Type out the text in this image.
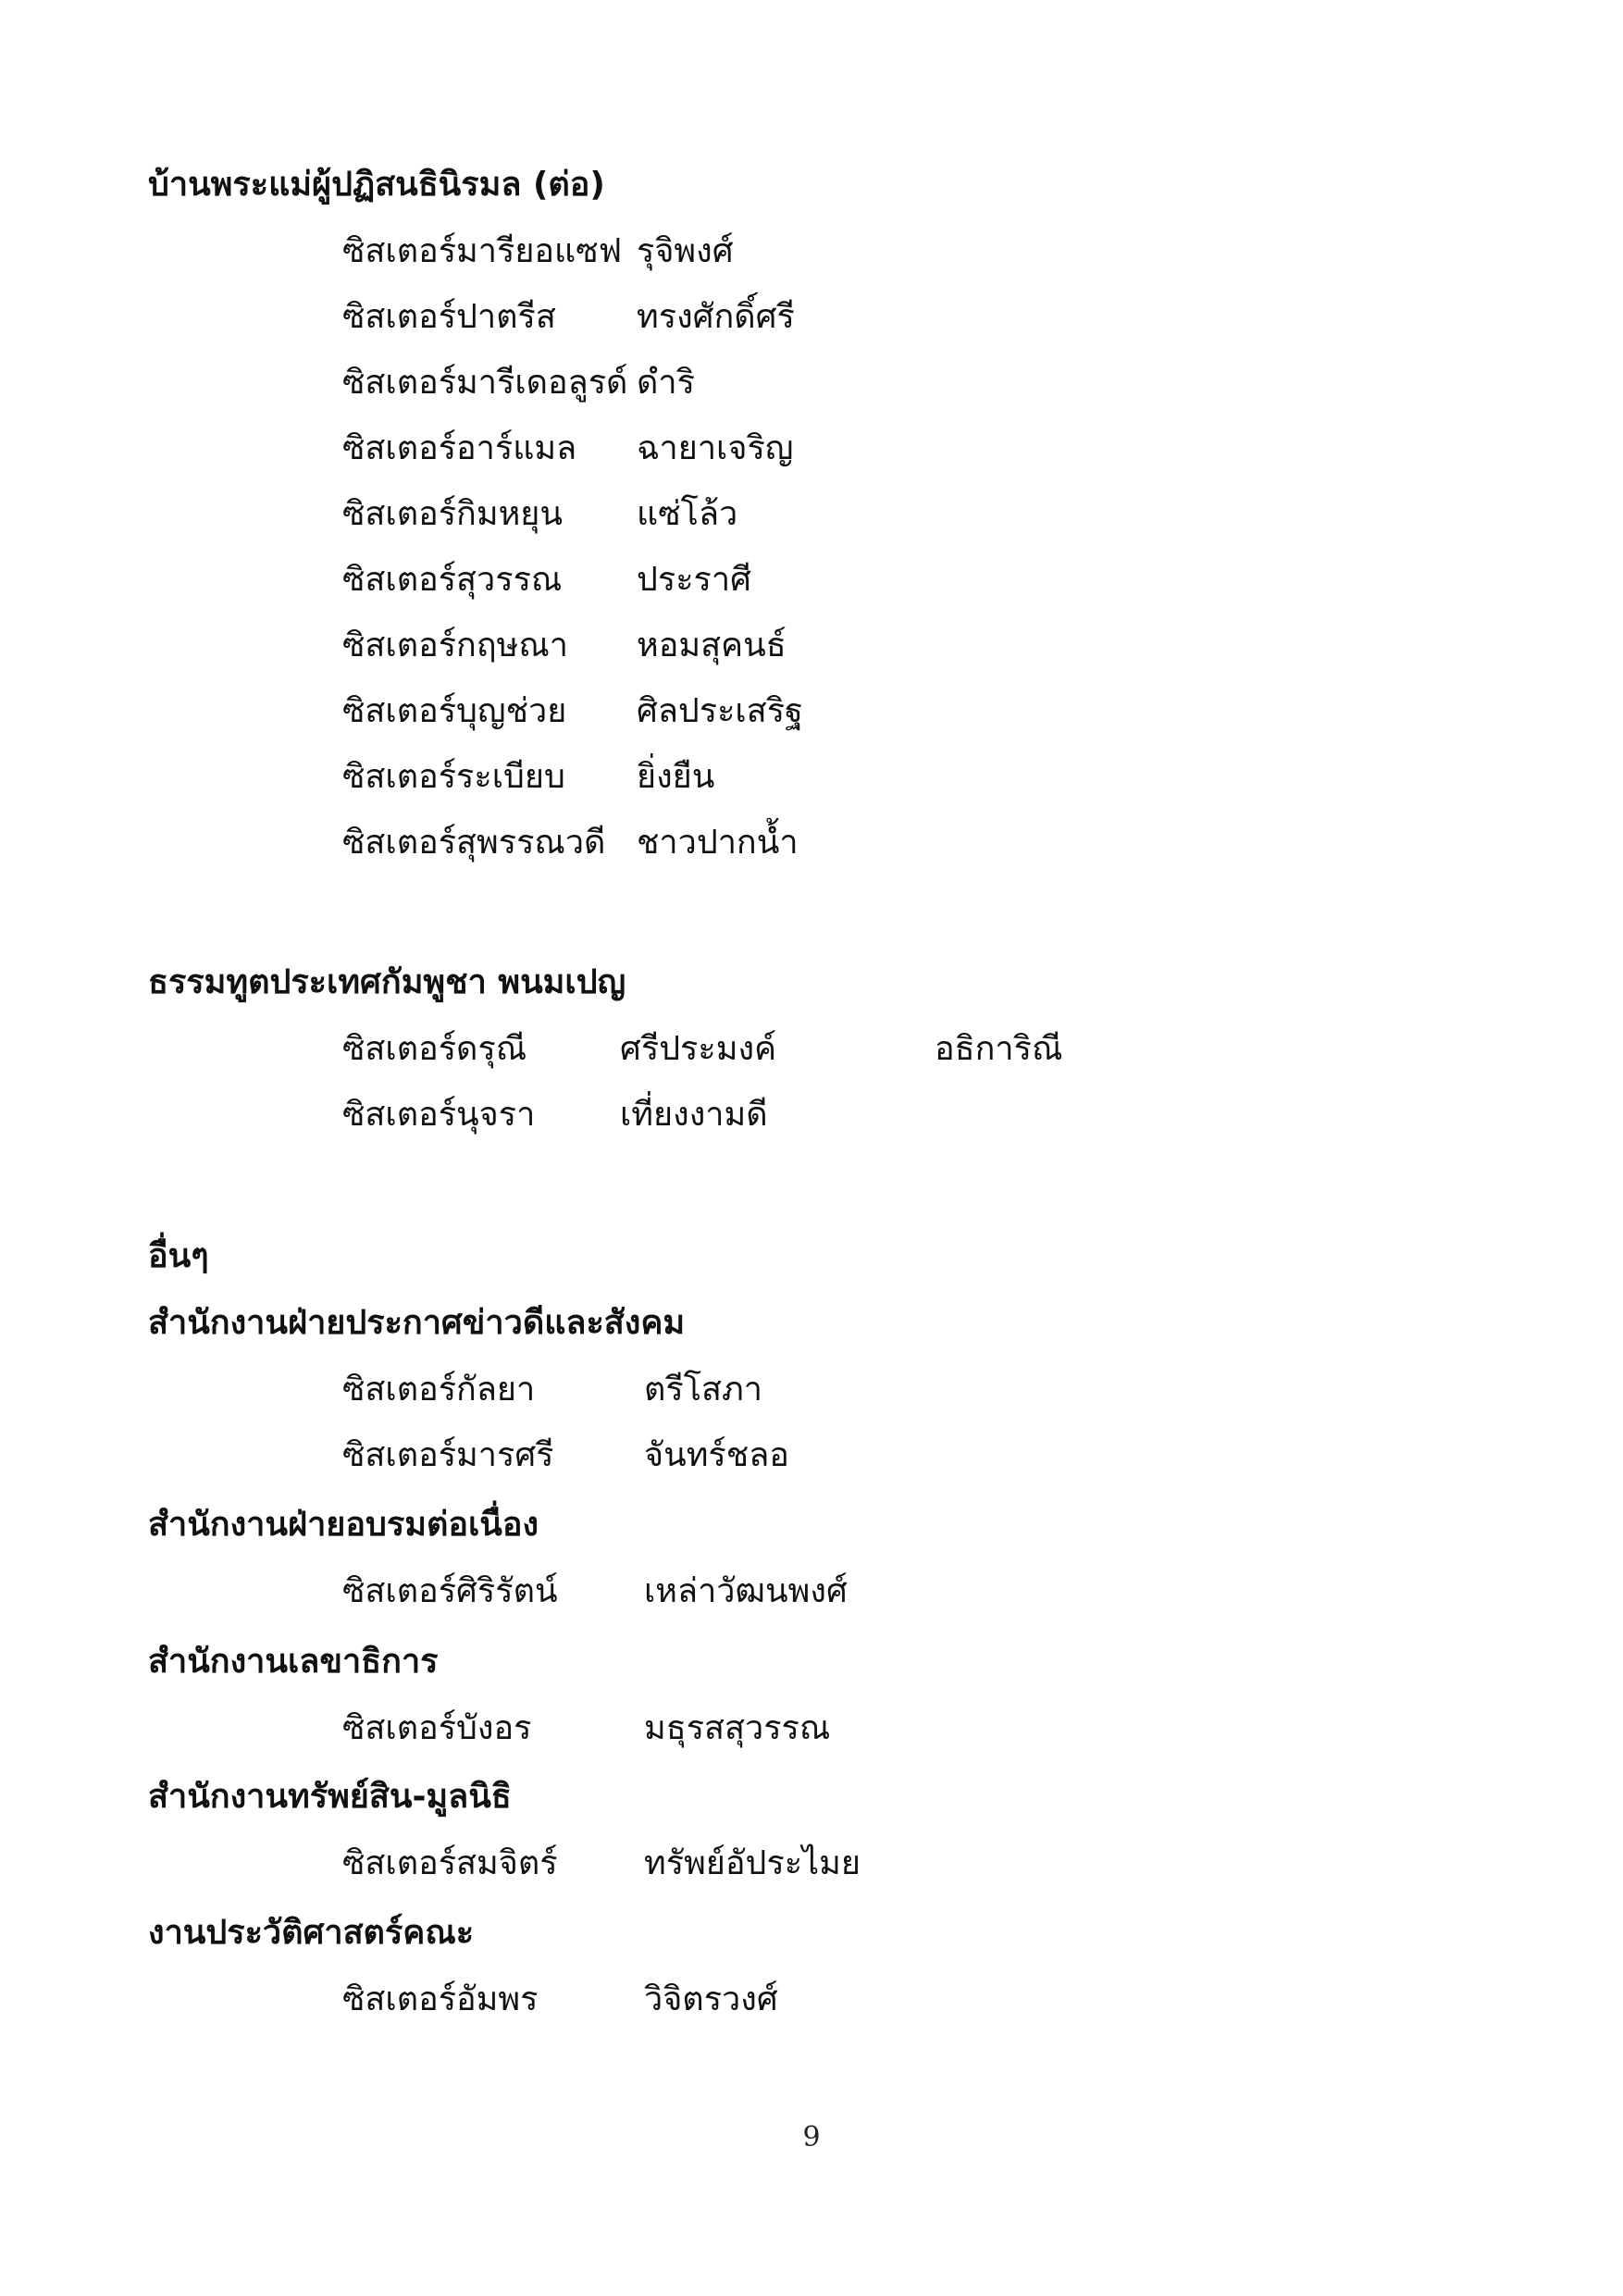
บ้านพระแม่ผู้ปฏิสนธินิรมล (ต่อ)
ซิสเตอร์มารียอแซฟ รุจิพงศ์
ซิสเตอร์ปาตรีส ทรงศักดิ์ศรี
ซิสเตอร์มารีเดอลูรด์ ดำริ
ซิสเตอร์อาร์แมล ฉายาเจริญ
ซิสเตอร์กิมหยุน แซ่โล้ว
ซิสเตอร์สุวรรณ ประราศี
ซิสเตอร์กฤษณา หอมสุคนธ์
ซิสเตอร์บุญช่วย ศิลประเสริฐ
ซิสเตอร์ระเบียบ ยิ่งยืน
ซิสเตอร์สุพรรณวดี ชาวปากน้ำ
ธรรมทูตประเทศกัมพูชา พนมเปญ
ซิสเตอร์ดรุณี	ศรีประมงค์	อธิการิณี
ซิสเตอร์นุจรา	เที่ยงงามดี
อื่นๆ
สำนักงานฝ่ายประกาศข่าวดีและสังคม
ซิสเตอร์กัลยา	ตรีโสภา
ซิสเตอร์มารศรี	จันทร์ชลอ
สำนักงานฝ่ายอบรมต่อเนื่อง
ซิสเตอร์ศิริรัตน์	เหล่าวัฒนพงศ์
สำนักงานเลขาธิการ
ซิสเตอร์บังอร	มธุรสสุวรรณ
สำนักงานทรัพย์สิน-มูลนิธิ
ซิสเตอร์สมจิตร์	ทรัพย์อัประไมย
งานประวัติศาสตร์คณะ
ซิสเตอร์อัมพร	วิจิตรวงศ์
9
